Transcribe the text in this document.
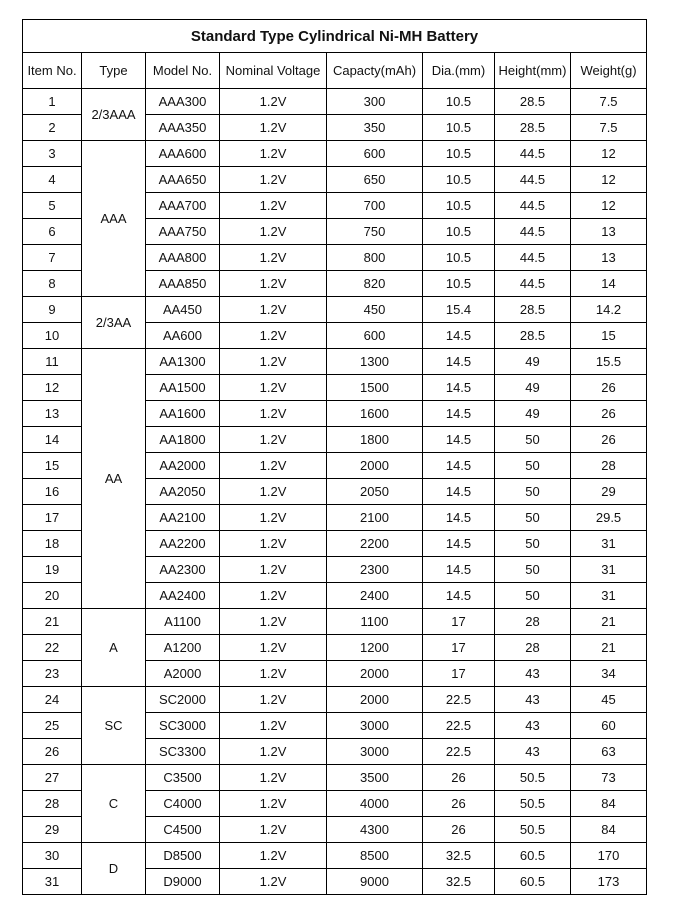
Standard Type Cylindrical Ni-MH Battery							
Item No.	Type	Model No.	Nominal Voltage	Capacty(mAh)	Dia.(mm)	Height(mm)	Weight(g)
1	2/3AAA	AAA300	1.2V	300	10.5	28.5	7.5
2		AAA350	1.2V	350	10.5	28.5	7.5
3	AAA	AAA600	1.2V	600	10.5	44.5	12
4		AAA650	1.2V	650	10.5	44.5	12
5		AAA700	1.2V	700	10.5	44.5	12
6		AAA750	1.2V	750	10.5	44.5	13
7		AAA800	1.2V	800	10.5	44.5	13
8		AAA850	1.2V	820	10.5	44.5	14
9	2/3AA	AA450	1.2V	450	15.4	28.5	14.2
10		AA600	1.2V	600	14.5	28.5	15
11	AA	AA1300	1.2V	1300	14.5	49	15.5
12		AA1500	1.2V	1500	14.5	49	26
13		AA1600	1.2V	1600	14.5	49	26
14		AA1800	1.2V	1800	14.5	50	26
15		AA2000	1.2V	2000	14.5	50	28
16		AA2050	1.2V	2050	14.5	50	29
17		AA2100	1.2V	2100	14.5	50	29.5
18		AA2200	1.2V	2200	14.5	50	31
19		AA2300	1.2V	2300	14.5	50	31
20		AA2400	1.2V	2400	14.5	50	31
21	A	A1100	1.2V	1100	17	28	21
22		A1200	1.2V	1200	17	28	21
23		A2000	1.2V	2000	17	43	34
24	SC	SC2000	1.2V	2000	22.5	43	45
25		SC3000	1.2V	3000	22.5	43	60
26		SC3300	1.2V	3000	22.5	43	63
27	C	C3500	1.2V	3500	26	50.5	73
28		C4000	1.2V	4000	26	50.5	84
29		C4500	1.2V	4300	26	50.5	84
30	D	D8500	1.2V	8500	32.5	60.5	170
31		D9000	1.2V	9000	32.5	60.5	173
